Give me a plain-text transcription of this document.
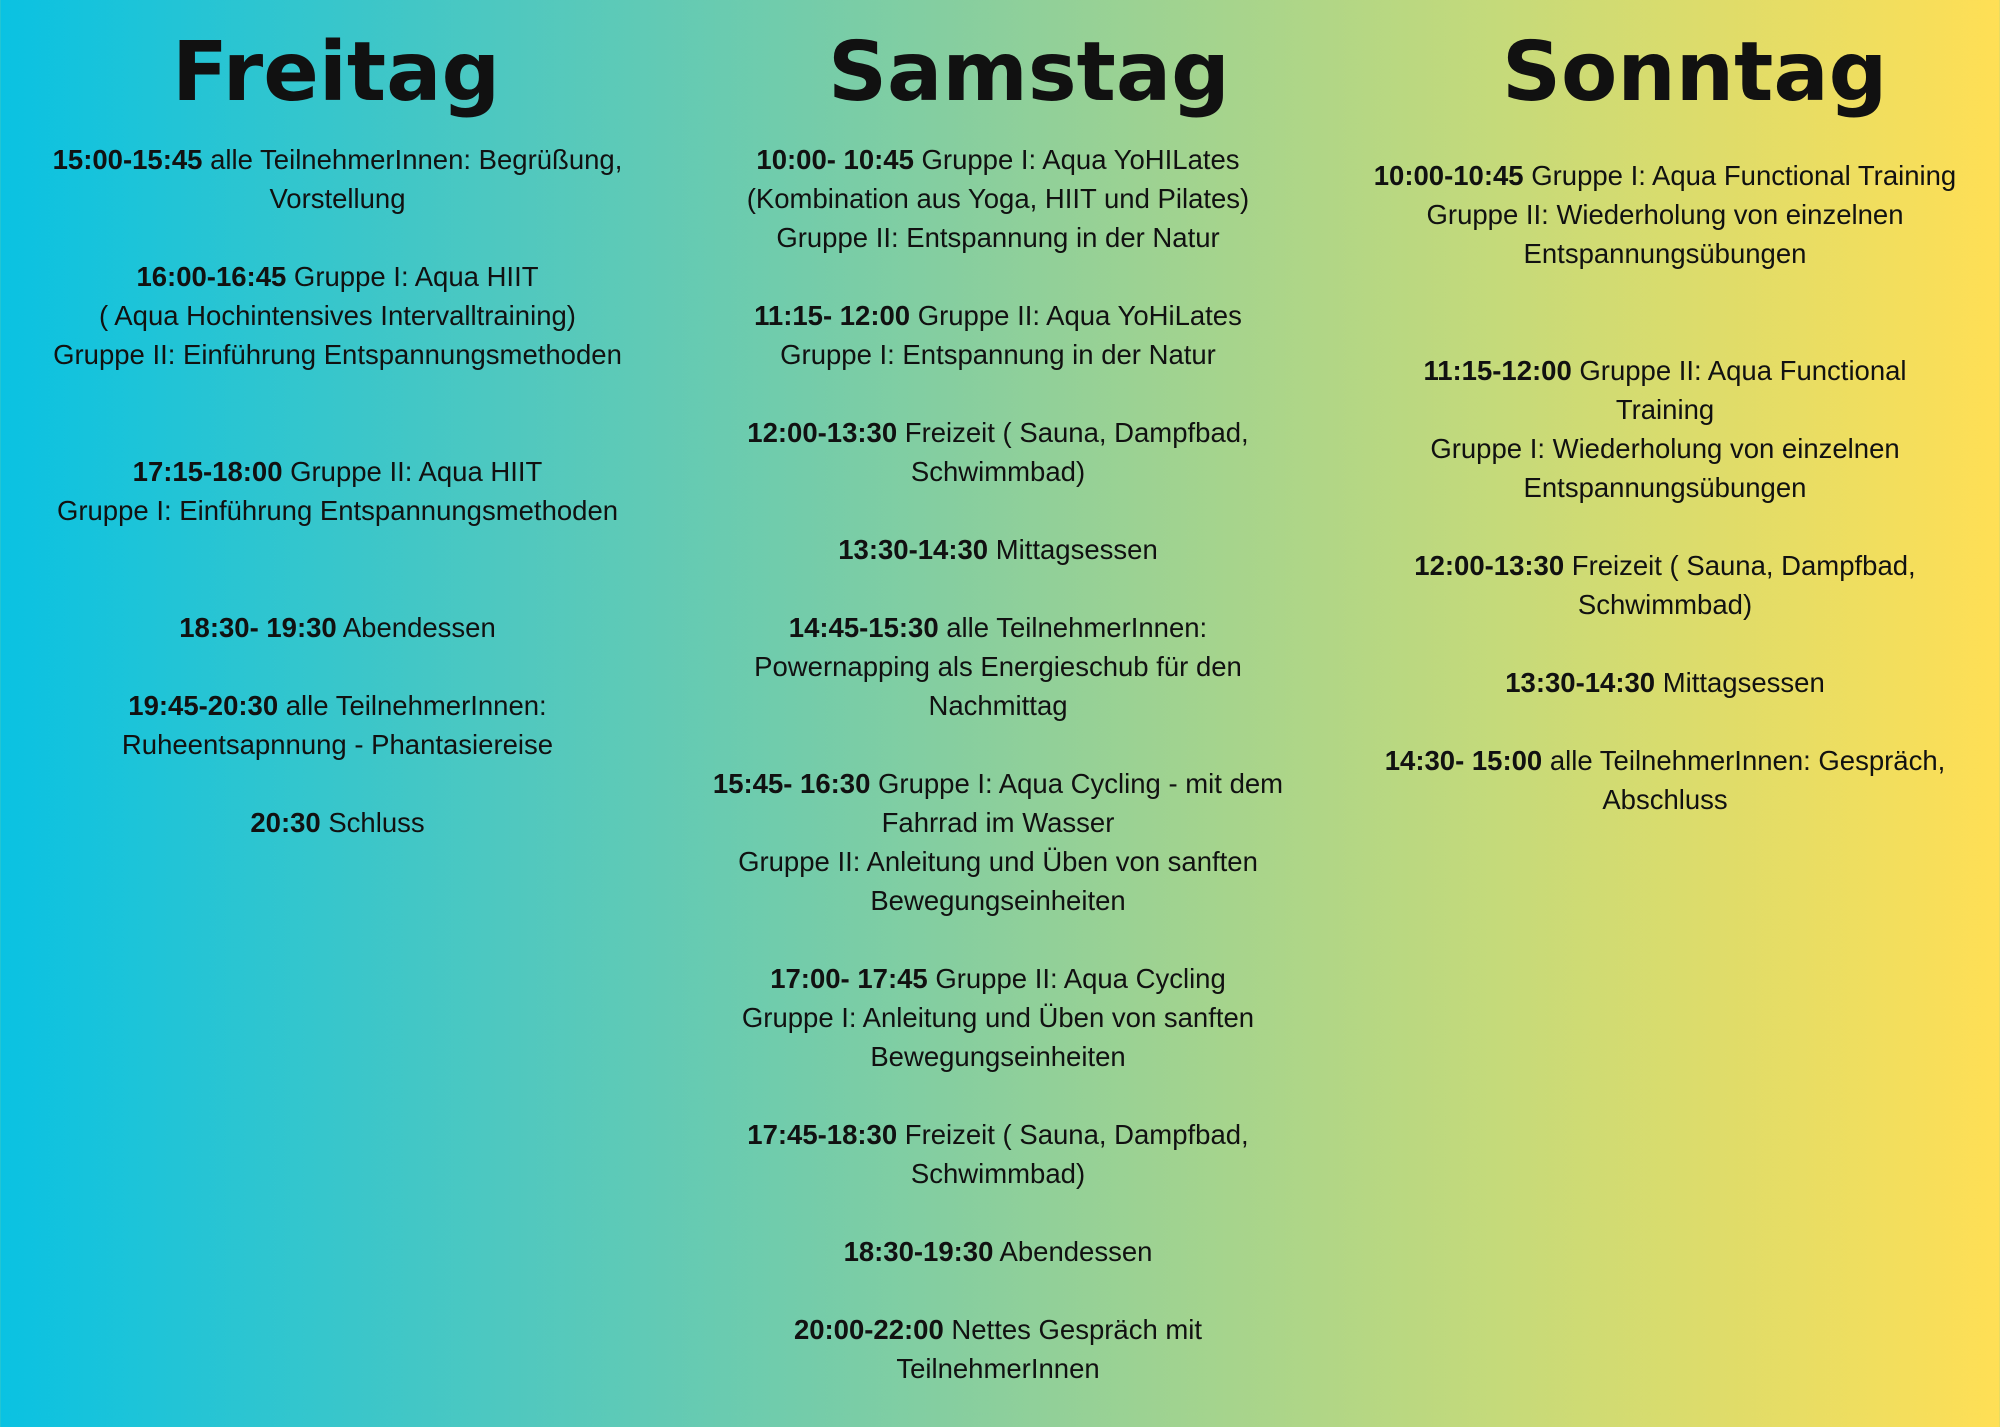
Freitag
15:00-15:45 alle TeilnehmerInnen: Begrüßung,
Vorstellung
16:00-16:45 Gruppe I: Aqua HIIT
( Aqua Hochintensives Intervalltraining)
Gruppe II: Einführung Entspannungsmethoden
17:15-18:00 Gruppe II: Aqua HIIT
Gruppe I: Einführung Entspannungsmethoden
18:30- 19:30 Abendessen
19:45-20:30 alle TeilnehmerInnen:
Ruheentsapnnung - Phantasiereise
20:30 Schluss
Samstag
10:00- 10:45 Gruppe I: Aqua YoHILates
(Kombination aus Yoga, HIIT und Pilates)
Gruppe II: Entspannung in der Natur
11:15- 12:00 Gruppe II: Aqua YoHiLates
Gruppe I: Entspannung in der Natur
12:00-13:30 Freizeit ( Sauna, Dampfbad,
Schwimmbad)
13:30-14:30 Mittagsessen
14:45-15:30 alle TeilnehmerInnen:
Powernapping als Energieschub für den
Nachmittag
15:45- 16:30 Gruppe I: Aqua Cycling - mit dem
Fahrrad im Wasser
Gruppe II: Anleitung und Üben von sanften
Bewegungseinheiten
17:00- 17:45 Gruppe II: Aqua Cycling
Gruppe I: Anleitung und Üben von sanften
Bewegungseinheiten
17:45-18:30 Freizeit ( Sauna, Dampfbad,
Schwimmbad)
18:30-19:30 Abendessen
20:00-22:00 Nettes Gespräch mit
TeilnehmerInnen
Sonntag
10:00-10:45 Gruppe I: Aqua Functional Training
Gruppe II: Wiederholung von einzelnen
Entspannungsübungen
11:15-12:00 Gruppe II: Aqua Functional
Training
Gruppe I: Wiederholung von einzelnen
Entspannungsübungen
12:00-13:30 Freizeit ( Sauna, Dampfbad,
Schwimmbad)
13:30-14:30 Mittagsessen
14:30- 15:00 alle TeilnehmerInnen: Gespräch,
Abschluss
